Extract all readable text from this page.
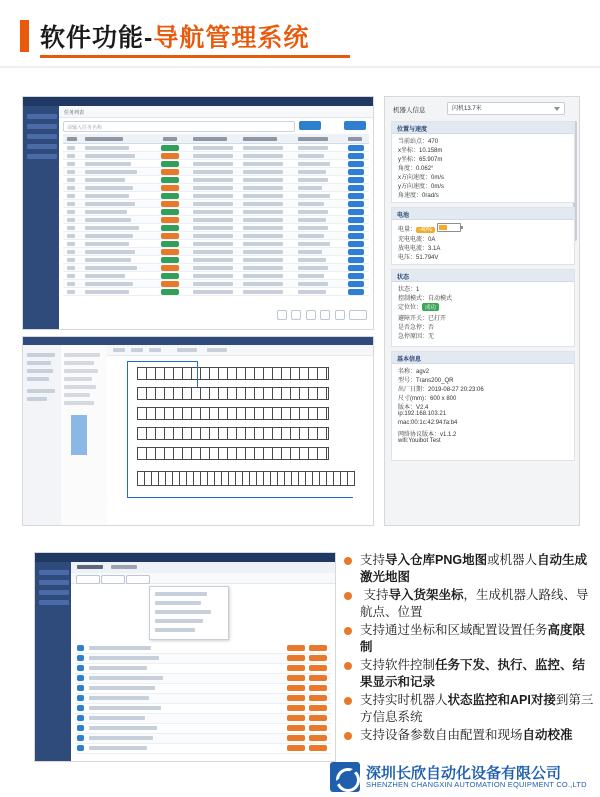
软件功能-导航管理系统
任务列表
请输入任务名称

机器人信息	闪机13.7米
位置与速度
当前站点：470
x坐标：10.158m
y坐标：65.907m
角度：0.062°
x方向速度：0m/s
y方向速度：0m/s
角速度：0rad/s
电池
电量： -40%
充电电流：0A
放电电流：3.1A
电压：51.794V
状态
状态：1
控制模式：自动模式
定位位： 成功
避障开关：已打开
是否急停：否
急停原因：无
基本信息
名称：agv2
型号：Trans200_QR
出厂日期：2019-08-27 20:23:06
尺寸(mm)：600 x 800
版本：V2.4
ip:192.168.103.21
mac:00:1c:42:94:fa:b4
网络协议版本：v1.1.2
wifi:Youibot Test
支持导入仓库PNG地图或机器人自动生成激光地图
支持导入货架坐标，生成机器人路线、导航点、位置
支持通过坐标和区域配置设置任务高度限制
支持软件控制任务下发、执行、监控、结果显示和记录
支持实时机器人状态监控和API对接到第三方信息系统
支持设备参数自由配置和现场自动校准
深圳长欣自动化设备有限公司
SHENZHEN CHANGXIN AUTOMATION EQUIPMENT CO.,LTD
